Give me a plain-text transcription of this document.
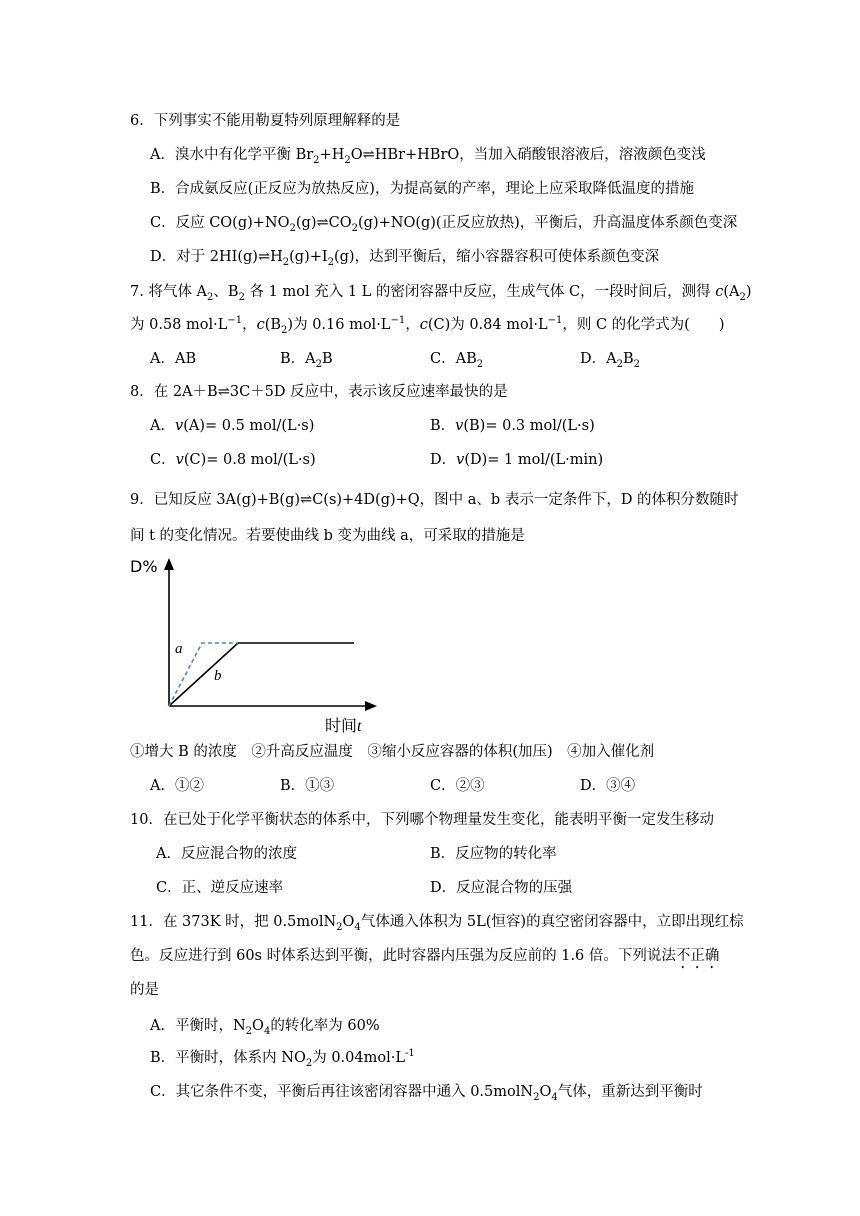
6．下列事实不能用勒夏特列原理解释的是
A．溴水中有化学平衡 $Br_2+H_2O\rightleftharpoons HBr+HBrO$，当加入硝酸银溶液后，溶液颜色变浅
B．合成氨反应(正反应为放热反应)，为提高氨的产率，理论上应采取降低温度的措施
C．反应 $CO(g)+NO_2(g)\rightleftharpoons CO_2(g)+NO(g)$(正反应放热)，平衡后，升高温度体系颜色变深
D．对于 $2HI(g)\rightleftharpoons H_2(g)+I_2(g)$，达到平衡后，缩小容器容积可使体系颜色变深
7. 将气体 $A_2$、$B_2$ 各 1 mol 充入 1 L 的密闭容器中反应，生成气体 C，一段时间后，测得 $c(A_2)$
为 0.58 $mol\cdot L^{-1}$，$c(B_2)$为 0.16 $mol\cdot L^{-1}$，c(C)为 0.84 $mol\cdot L^{-1}$，则 C 的化学式为(　　)
A．AB	B．$A_2B$	C．$AB_2$	D．$A_2B_2$
8．在 2A＋B⇌3C＋5D 反应中，表示该反应速率最快的是
A．v(A)= 0.5 mol/(L·s)	B．v(B)= 0.3 mol/(L·s)
C．v(C)= 0.8 mol/(L·s)	D．v(D)= 1 mol/(L·min)
9．已知反应 3A(g)+B(g)⇌C(s)+4D(g)+Q，图中 a、b 表示一定条件下，D 的体积分数随时
间 t 的变化情况。若要使曲线 b 变为曲线 a，可采取的措施是
D%
a
b
时间t
①增大 B 的浓度　②升高反应温度　③缩小反应容器的体积(加压)　④加入催化剂
A．①②	B．①③	C．②③	D．③④
10．在已处于化学平衡状态的体系中，下列哪个物理量发生变化，能表明平衡一定发生移动
A．反应混合物的浓度	B．反应物的转化率
C．正、逆反应速率	D．反应混合物的压强
11．在 373K 时，把 $0.5molN_2O_4$气体通入体积为 5L(恒容)的真空密闭容器中，立即出现红棕
色。反应进行到 60s 时体系达到平衡，此时容器内压强为反应前的 1.6 倍。下列说法不正确
的是
A．平衡时，$N_2O_4$的转化率为 60%
B．平衡时，体系内 $NO_2$为 $0.04mol\cdot L^{-1}$
C．其它条件不变，平衡后再往该密闭容器中通入 $0.5molN_2O_4$气体，重新达到平衡时
